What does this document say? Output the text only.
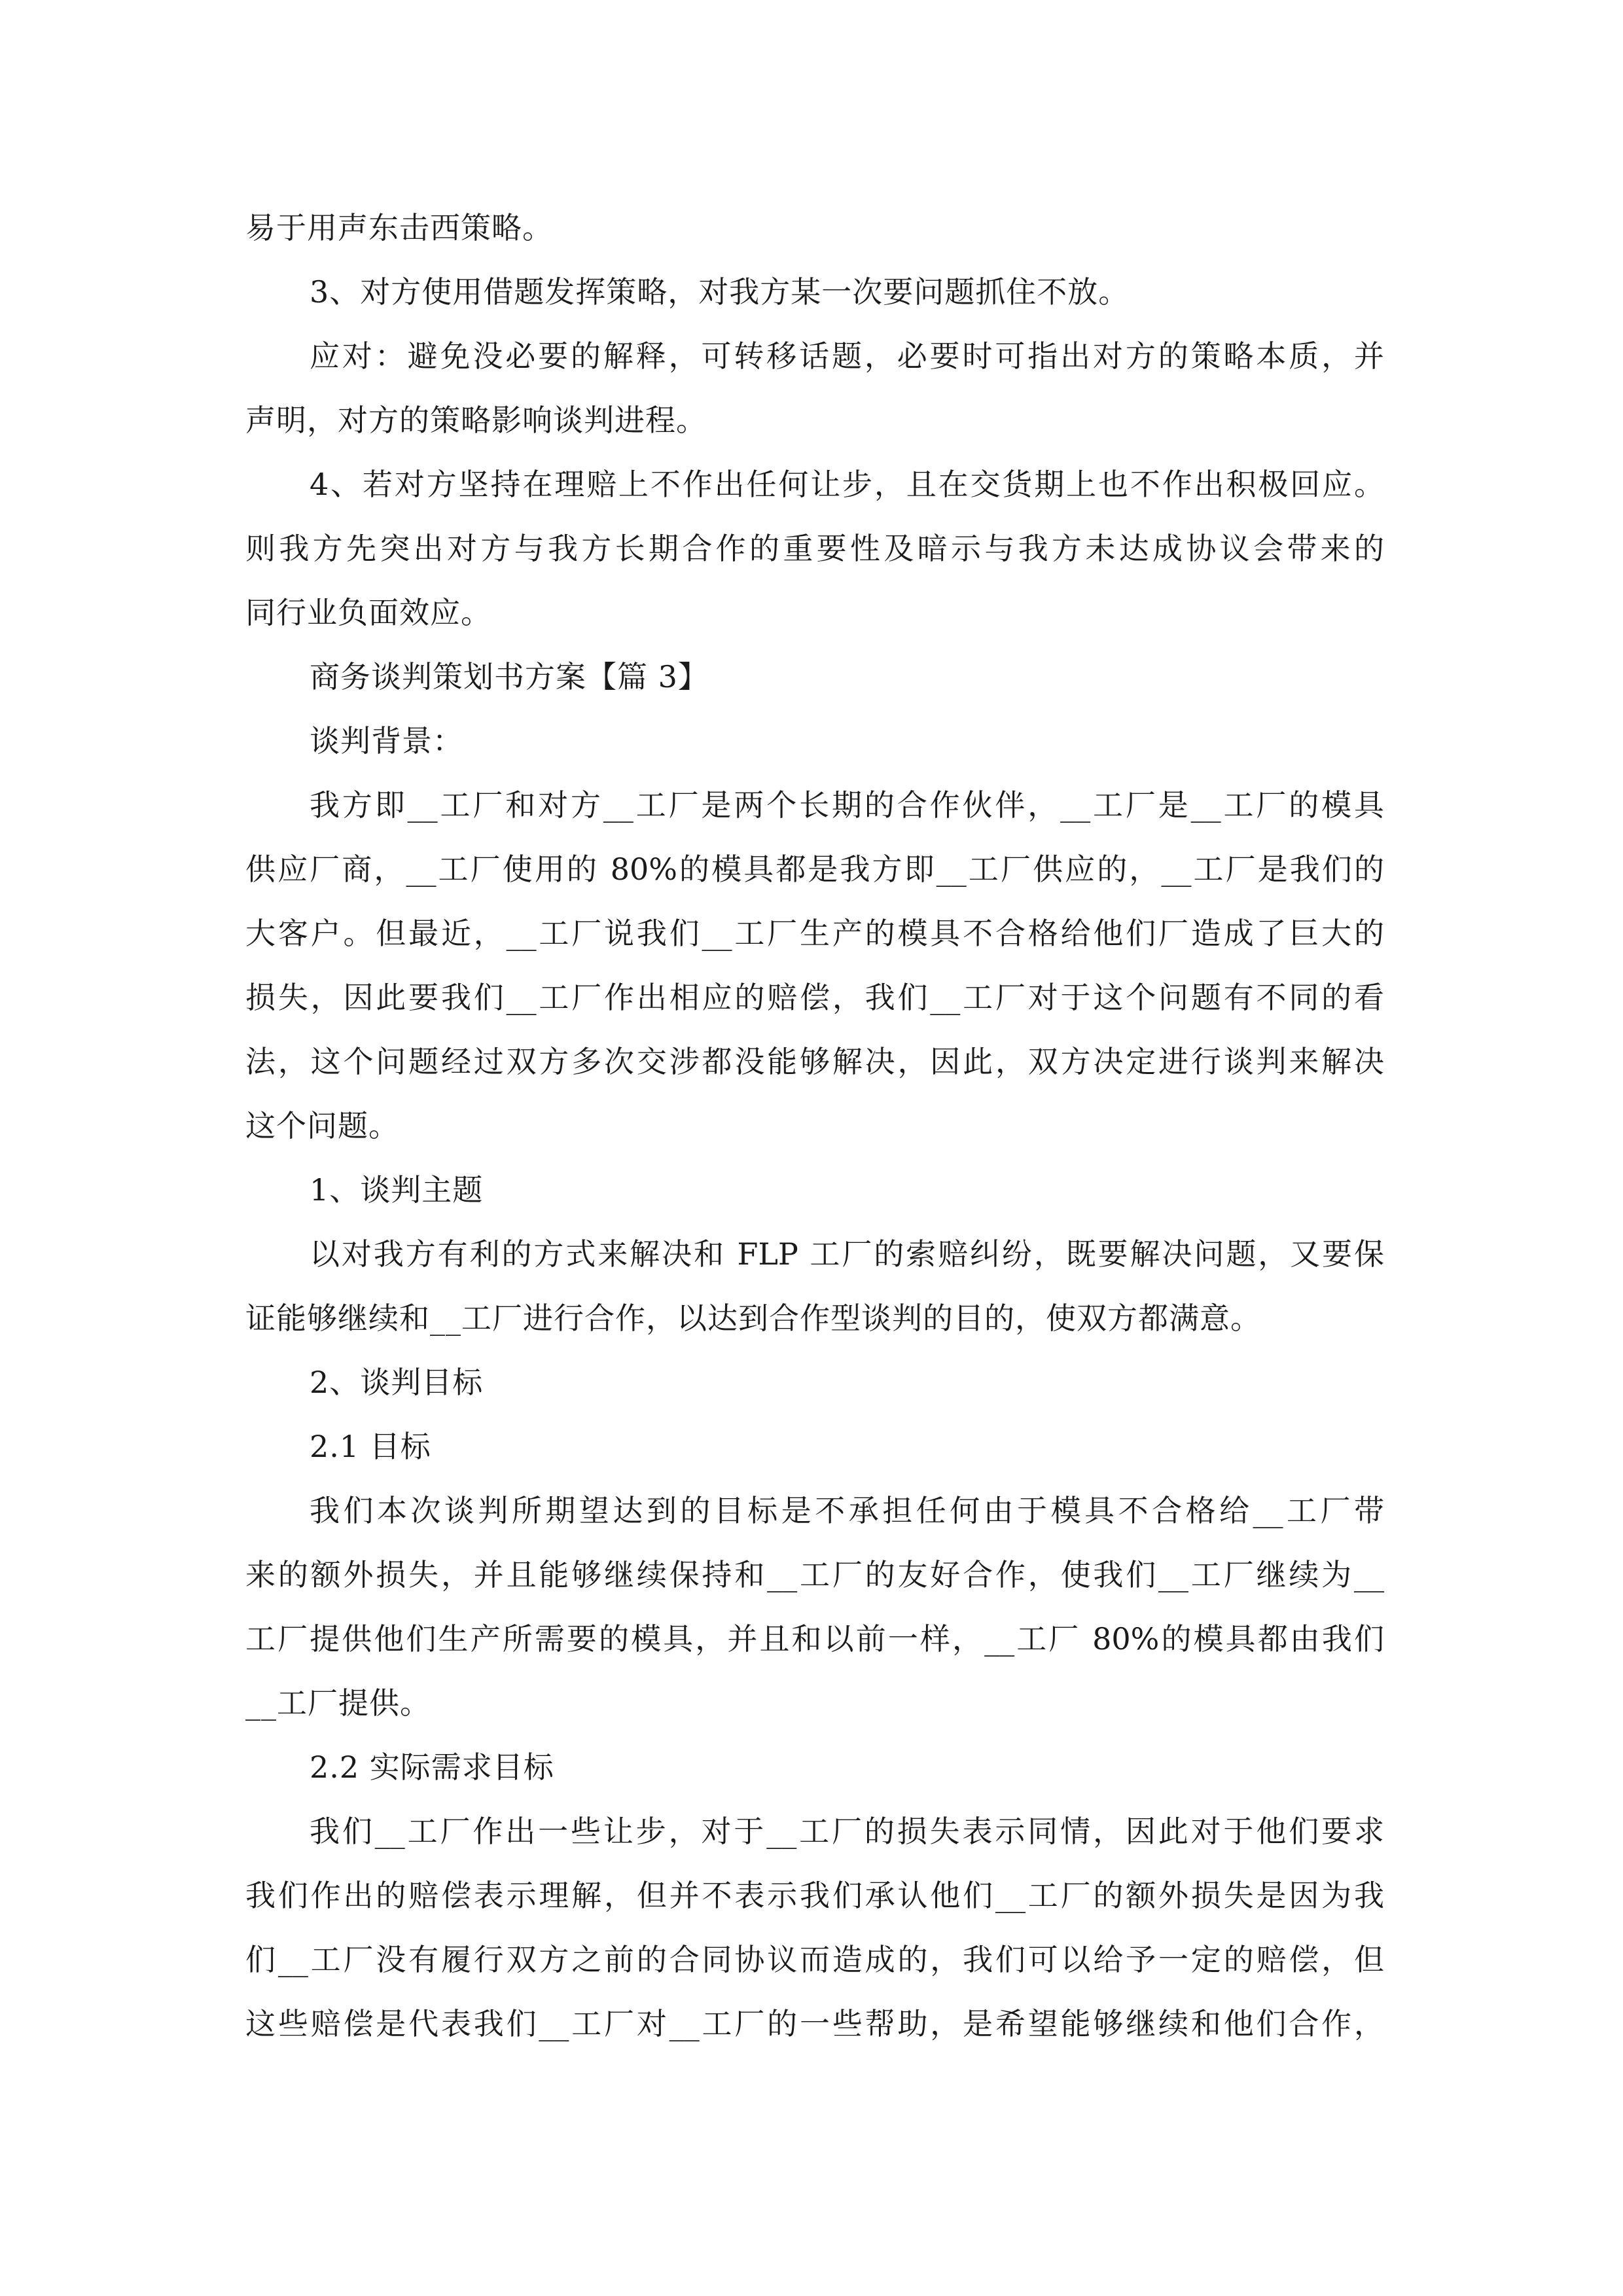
易于用声东击西策略。
3、对方使用借题发挥策略，对我方某一次要问题抓住不放。
应对：避免没必要的解释，可转移话题，必要时可指出对方的策略本质，并
声明，对方的策略影响谈判进程。
4、若对方坚持在理赔上不作出任何让步，且在交货期上也不作出积极回应。
则我方先突出对方与我方长期合作的重要性及暗示与我方未达成协议会带来的
同行业负面效应。
商务谈判策划书方案【篇 3】
谈判背景：
我方即__工厂和对方__工厂是两个长期的合作伙伴，__工厂是__工厂的模具
供应厂商，__工厂使用的 80%的模具都是我方即__工厂供应的，__工厂是我们的
大客户。但最近，__工厂说我们__工厂生产的模具不合格给他们厂造成了巨大的
损失，因此要我们__工厂作出相应的赔偿，我们__工厂对于这个问题有不同的看
法，这个问题经过双方多次交涉都没能够解决，因此，双方决定进行谈判来解决
这个问题。
1、谈判主题
以对我方有利的方式来解决和 FLP 工厂的索赔纠纷，既要解决问题，又要保
证能够继续和__工厂进行合作，以达到合作型谈判的目的，使双方都满意。
2、谈判目标
2.1 目标
我们本次谈判所期望达到的目标是不承担任何由于模具不合格给__工厂带
来的额外损失，并且能够继续保持和__工厂的友好合作，使我们__工厂继续为__
工厂提供他们生产所需要的模具，并且和以前一样，__工厂 80%的模具都由我们
__工厂提供。
2.2 实际需求目标
我们__工厂作出一些让步，对于__工厂的损失表示同情，因此对于他们要求
我们作出的赔偿表示理解，但并不表示我们承认他们__工厂的额外损失是因为我
们__工厂没有履行双方之前的合同协议而造成的，我们可以给予一定的赔偿，但
这些赔偿是代表我们__工厂对__工厂的一些帮助，是希望能够继续和他们合作，
